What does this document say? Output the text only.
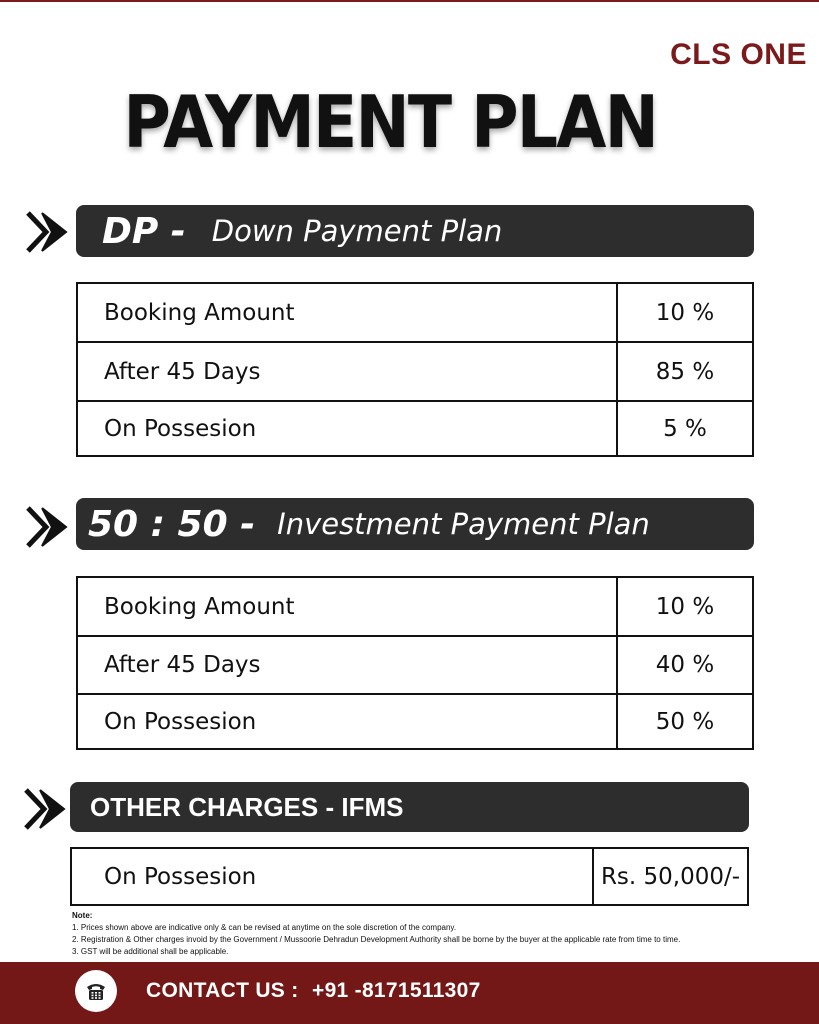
CLS ONE
PAYMENT PLAN
DP - Down Payment Plan
Booking Amount	10 %
After 45 Days	85 %
On Possesion	5 %
50 : 50 - Investment Payment Plan
Booking Amount	10 %
After 45 Days	40 %
On Possesion	50 %
OTHER CHARGES - IFMS
On Possesion	Rs. 50,000/-
Note:
1. Prices shown above are indicative only & can be revised at anytime on the sole discretion of the company.
2. Registration & Other charges invoid by the Government / Mussoorie Dehradun Development Authority shall be borne by the buyer at the applicable rate from time to time.
3. GST will be additional shall be applicable.
CONTACT US : +91 -8171511307
